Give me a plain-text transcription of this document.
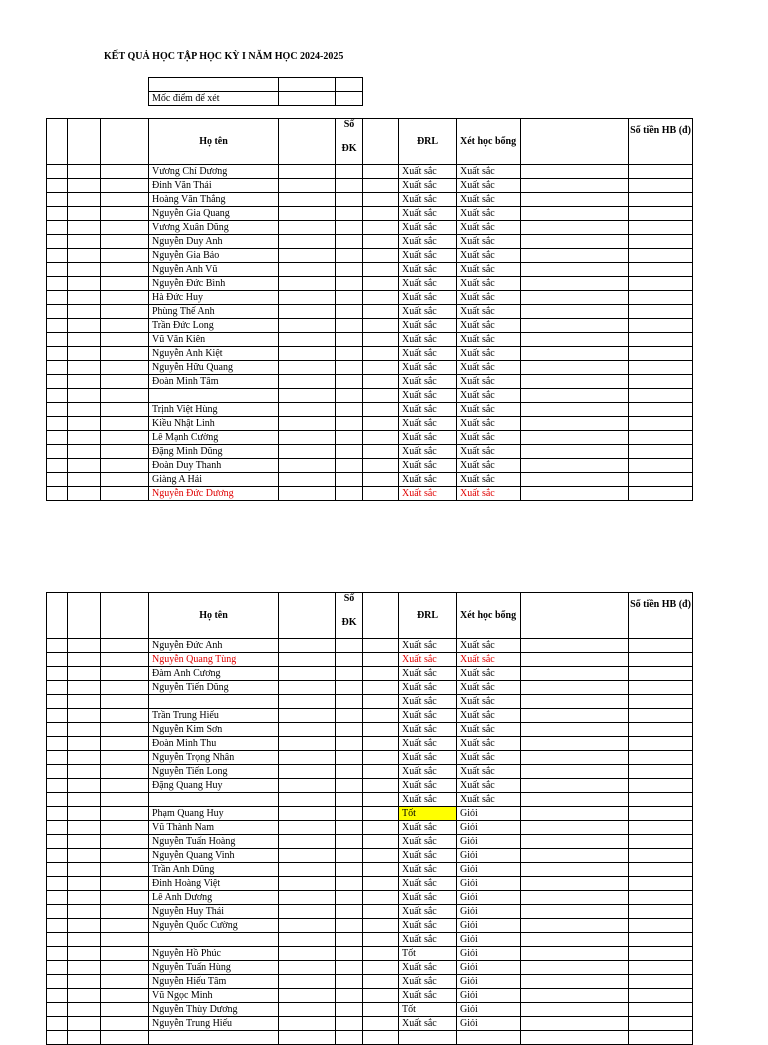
KẾT QUẢ HỌC TẬP HỌC KỲ I NĂM HỌC 2024-2025

Mốc điểm để xét		
			Họ tên		Số

ĐK		ĐRL	Xét học bổng		Số tiền HB (đ)
			Vương Chí Dương				Xuất sắc	Xuất sắc		
			Đinh Văn Thái				Xuất sắc	Xuất sắc		
			Hoàng Văn Thắng				Xuất sắc	Xuất sắc		
			Nguyễn Gia Quang				Xuất sắc	Xuất sắc		
			Vương Xuân Dũng				Xuất sắc	Xuất sắc		
			Nguyễn Duy Anh				Xuất sắc	Xuất sắc		
			Nguyễn Gia Bảo				Xuất sắc	Xuất sắc		
			Nguyễn Anh Vũ				Xuất sắc	Xuất sắc		
			Nguyễn Đức Bình				Xuất sắc	Xuất sắc		
			Hà Đức Huy				Xuất sắc	Xuất sắc		
			Phùng Thế Anh				Xuất sắc	Xuất sắc		
			Trần Đức Long				Xuất sắc	Xuất sắc		
			Vũ Văn Kiên				Xuất sắc	Xuất sắc		
			Nguyễn Anh Kiệt				Xuất sắc	Xuất sắc		
			Nguyễn Hữu Quang				Xuất sắc	Xuất sắc		
			Đoàn Minh Tâm				Xuất sắc	Xuất sắc		
							Xuất sắc	Xuất sắc		
			Trịnh Việt Hùng				Xuất sắc	Xuất sắc		
			Kiều Nhật Linh				Xuất sắc	Xuất sắc		
			Lê Mạnh Cường				Xuất sắc	Xuất sắc		
			Đặng Minh Dũng				Xuất sắc	Xuất sắc		
			Đoàn Duy Thanh				Xuất sắc	Xuất sắc		
			Giàng A Hải				Xuất sắc	Xuất sắc		
			Nguyễn Đức Dương				Xuất sắc	Xuất sắc		
			Họ tên		Số

ĐK		ĐRL	Xét học bổng		Số tiền HB (đ)
			Nguyễn Đức Anh				Xuất sắc	Xuất sắc		
			Nguyễn Quang Tùng				Xuất sắc	Xuất sắc		
			Đàm Anh Cương				Xuất sắc	Xuất sắc		
			Nguyễn Tiến Dũng				Xuất sắc	Xuất sắc		
							Xuất sắc	Xuất sắc		
			Trần Trung Hiếu				Xuất sắc	Xuất sắc		
			Nguyễn Kim Sơn				Xuất sắc	Xuất sắc		
			Đoàn Minh Thu				Xuất sắc	Xuất sắc		
			Nguyễn Trọng Nhân				Xuất sắc	Xuất sắc		
			Nguyễn Tiến Long				Xuất sắc	Xuất sắc		
			Đặng Quang Huy				Xuất sắc	Xuất sắc		
							Xuất sắc	Xuất sắc		
			Phạm Quang Huy				Tốt	Giỏi		
			Vũ Thành Nam				Xuất sắc	Giỏi		
			Nguyễn Tuấn Hoàng				Xuất sắc	Giỏi		
			Nguyễn Quang Vinh				Xuất sắc	Giỏi		
			Trần Anh Dũng				Xuất sắc	Giỏi		
			Đinh Hoàng Việt				Xuất sắc	Giỏi		
			Lê Anh Dương				Xuất sắc	Giỏi		
			Nguyễn Huy Thái				Xuất sắc	Giỏi		
			Nguyễn Quốc Cường				Xuất sắc	Giỏi		
							Xuất sắc	Giỏi		
			Nguyễn Hồ Phúc				Tốt	Giỏi		
			Nguyễn Tuấn Hùng				Xuất sắc	Giỏi		
			Nguyễn Hiếu Tâm				Xuất sắc	Giỏi		
			Vũ Ngọc Minh				Xuất sắc	Giỏi		
			Nguyễn Thùy Dương				Tốt	Giỏi		
			Nguyễn Trung Hiếu				Xuất sắc	Giỏi		
